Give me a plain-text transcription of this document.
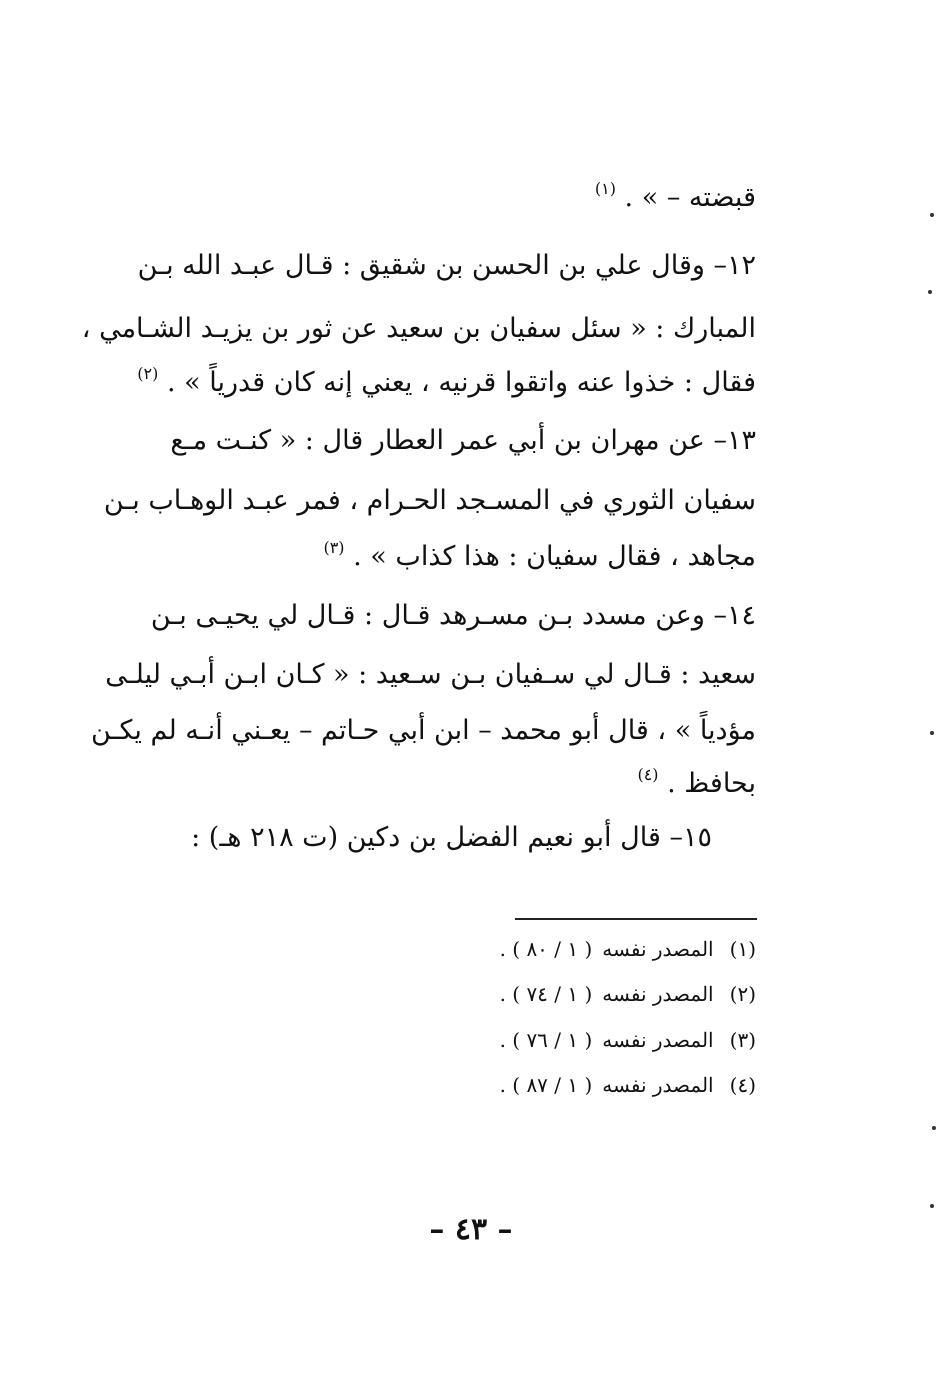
قبضته – » . $^{(١)}$
١٢– وقال علي بن الحسن بن شقيق : قـال عبـد الله بـن
المبارك : « سئل سفيان بن سعيد عن ثور بن يزيـد الشـامي ،
فقال : خذوا عنه واتقوا قرنيه ، يعني إنه كان قدرياً » . $^{(٢)}$
١٣– عن مهران بن أبي عمر العطار قال : « كنـت مـع
سفيان الثوري في المسـجد الحـرام ، فمر عبـد الوهـاب بـن
مجاهد ، فقال سفيان : هذا كذاب » . $^{(٣)}$
١٤– وعن مسدد بـن مسـرهد قـال : قـال لي يحيـى بـن
سعيد : قـال لي سـفيان بـن سـعيد : « كـان ابـن أبـي ليلـى
مؤدياً » ، قال أبو محمد – ابن أبي حـاتم – يعـني أنـه لم يكـن
بحافظ . $^{(٤)}$
١٥– قال أبو نعيم الفضل بن دكين (ت ٢١٨ هـ) :
(١)المصدر نفسه( ١ / ٨٠ ) .
(٢)المصدر نفسه( ١ / ٧٤ ) .
(٣)المصدر نفسه( ١ / ٧٦ ) .
(٤)المصدر نفسه( ١ / ٨٧ ) .
– ٤٣ –
